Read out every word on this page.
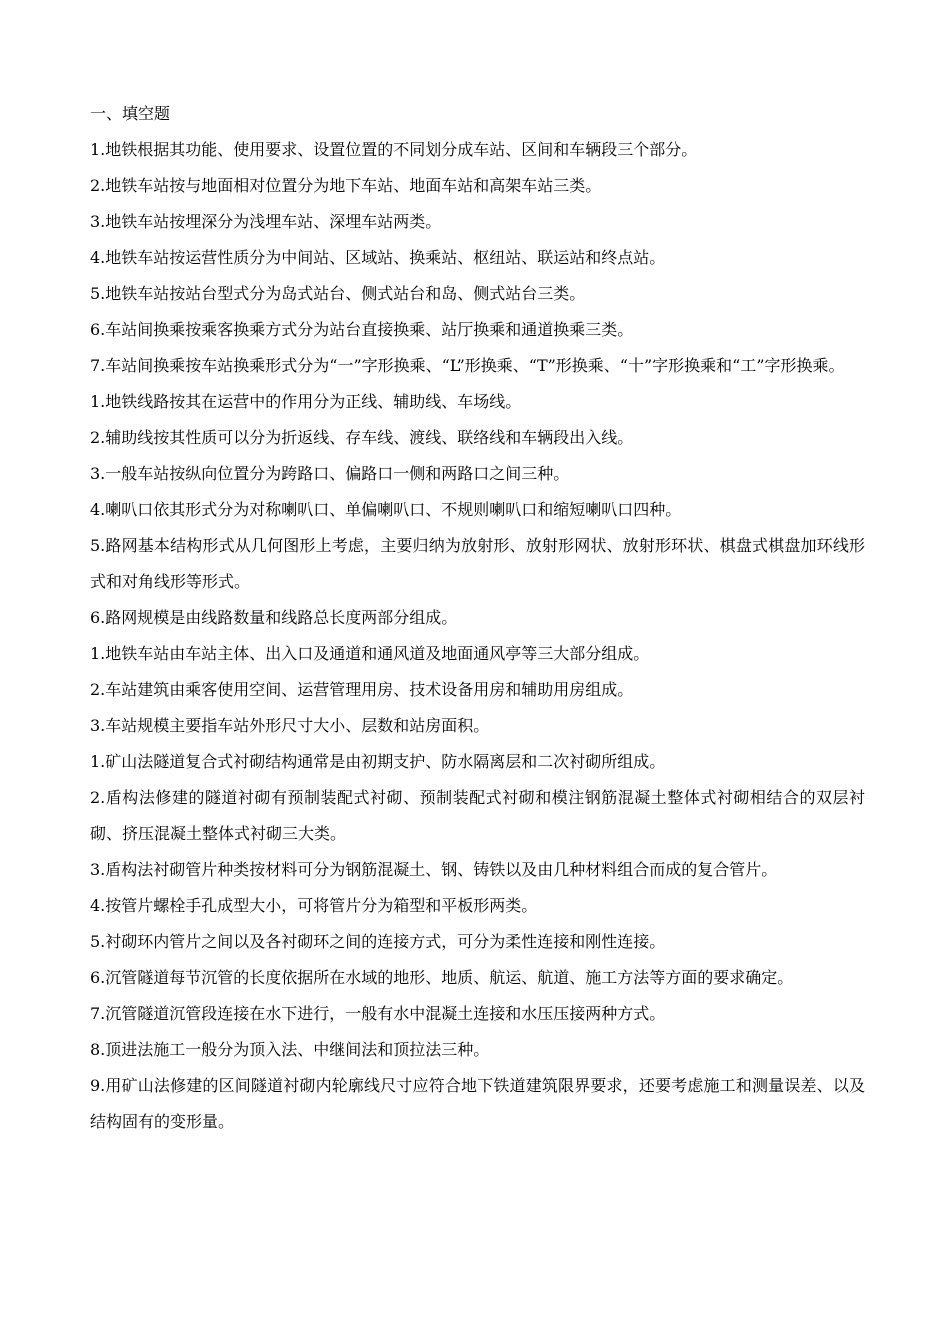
一、填空题
1.地铁根据其功能、使用要求、设置位置的不同划分成车站、区间和车辆段三个部分。
2.地铁车站按与地面相对位置分为地下车站、地面车站和高架车站三类。
3.地铁车站按埋深分为浅埋车站、深埋车站两类。
4.地铁车站按运营性质分为中间站、区域站、换乘站、枢纽站、联运站和终点站。
5.地铁车站按站台型式分为岛式站台、侧式站台和岛、侧式站台三类。
6.车站间换乘按乘客换乘方式分为站台直接换乘、站厅换乘和通道换乘三类。
7.车站间换乘按车站换乘形式分为“一”字形换乘、“L”形换乘、“T”形换乘、“十”字形换乘和“工”字形换乘。
1.地铁线路按其在运营中的作用分为正线、辅助线、车场线。
2.辅助线按其性质可以分为折返线、存车线、渡线、联络线和车辆段出入线。
3.一般车站按纵向位置分为跨路口、偏路口一侧和两路口之间三种。
4.喇叭口依其形式分为对称喇叭口、单偏喇叭口、不规则喇叭口和缩短喇叭口四种。
5.路网基本结构形式从几何图形上考虑，主要归纳为放射形、放射形网状、放射形环状、棋盘式棋盘加环线形式和对角线形等形式。
6.路网规模是由线路数量和线路总长度两部分组成。
1.地铁车站由车站主体、出入口及通道和通风道及地面通风亭等三大部分组成。
2.车站建筑由乘客使用空间、运营管理用房、技术设备用房和辅助用房组成。
3.车站规模主要指车站外形尺寸大小、层数和站房面积。
1.矿山法隧道复合式衬砌结构通常是由初期支护、防水隔离层和二次衬砌所组成。
2.盾构法修建的隧道衬砌有预制装配式衬砌、预制装配式衬砌和模注钢筋混凝土整体式衬砌相结合的双层衬砌、挤压混凝土整体式衬砌三大类。
3.盾构法衬砌管片种类按材料可分为钢筋混凝土、钢、铸铁以及由几种材料组合而成的复合管片。
4.按管片螺栓手孔成型大小，可将管片分为箱型和平板形两类。
5.衬砌环内管片之间以及各衬砌环之间的连接方式，可分为柔性连接和刚性连接。
6.沉管隧道每节沉管的长度依据所在水域的地形、地质、航运、航道、施工方法等方面的要求确定。
7.沉管隧道沉管段连接在水下进行，一般有水中混凝土连接和水压压接两种方式。
8.顶进法施工一般分为顶入法、中继间法和顶拉法三种。
9.用矿山法修建的区间隧道衬砌内轮廓线尺寸应符合地下铁道建筑限界要求，还要考虑施工和测量误差、以及结构固有的变形量。
